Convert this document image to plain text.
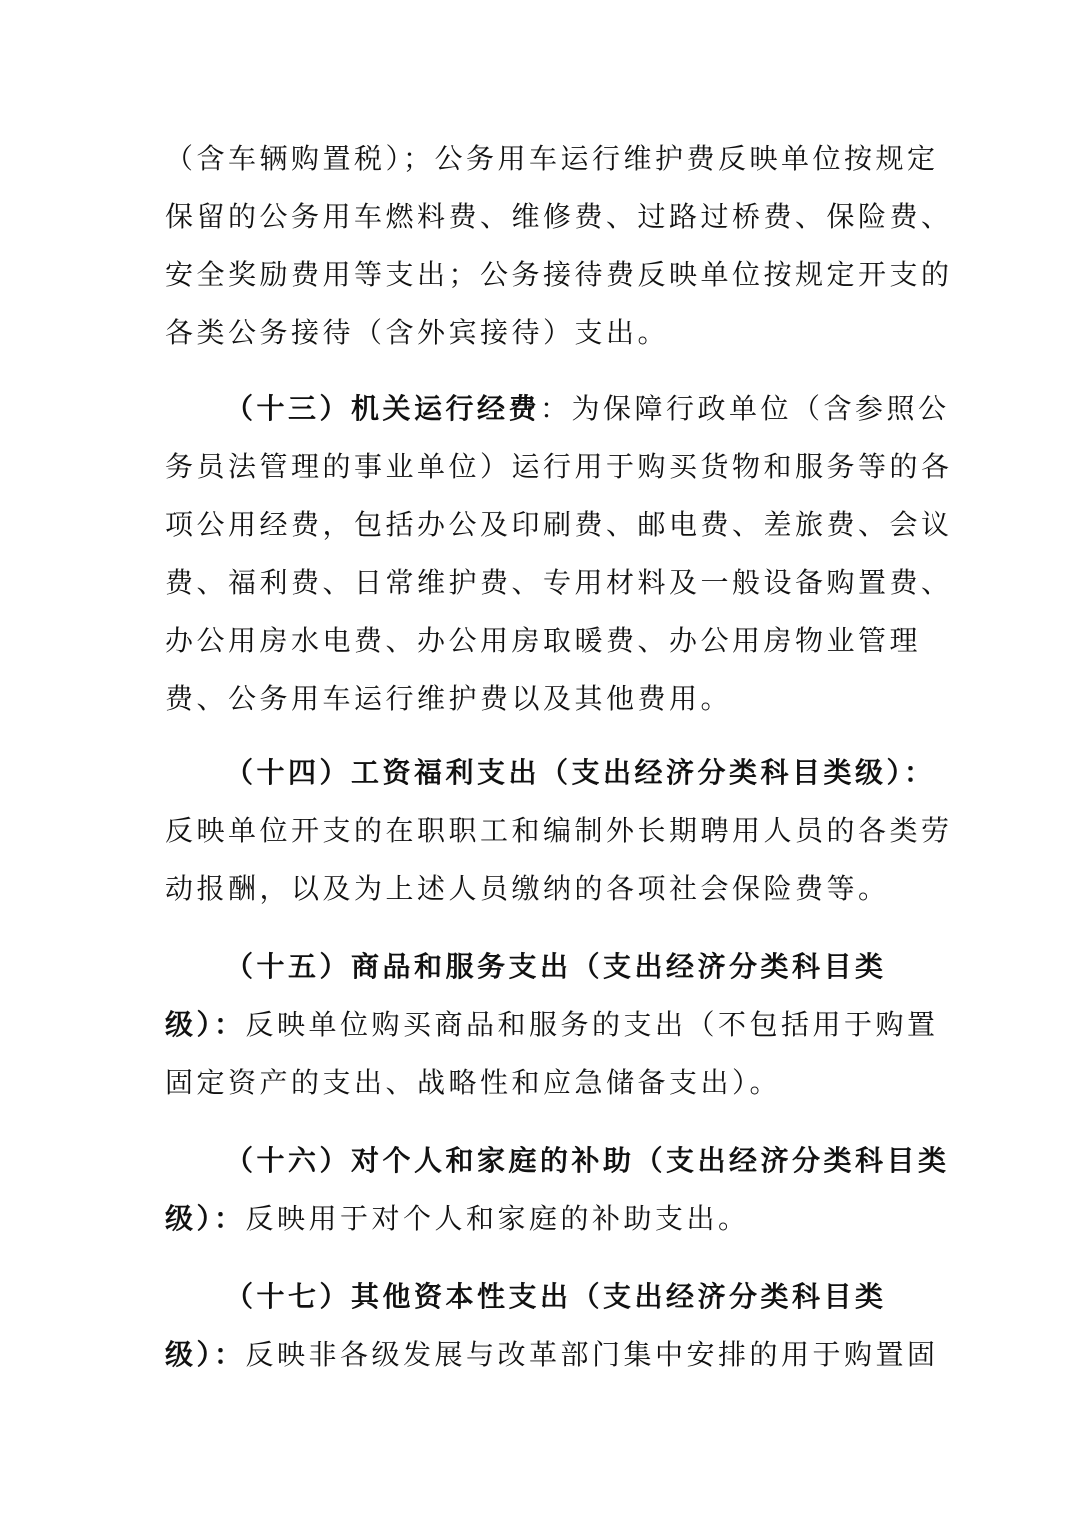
（含车辆购置税）；公务用车运行维护费反映单位按规定
保留的公务用车燃料费、维修费、过路过桥费、保险费、
安全奖励费用等支出；公务接待费反映单位按规定开支的
各类公务接待（含外宾接待）支出。
（十三）机关运行经费：为保障行政单位（含参照公
务员法管理的事业单位）运行用于购买货物和服务等的各
项公用经费，包括办公及印刷费、邮电费、差旅费、会议
费、福利费、日常维护费、专用材料及一般设备购置费、
办公用房水电费、办公用房取暖费、办公用房物业管理
费、公务用车运行维护费以及其他费用。
（十四）工资福利支出（支出经济分类科目类级）：
反映单位开支的在职职工和编制外长期聘用人员的各类劳
动报酬，以及为上述人员缴纳的各项社会保险费等。
（十五）商品和服务支出（支出经济分类科目类
级）：反映单位购买商品和服务的支出（不包括用于购置
固定资产的支出、战略性和应急储备支出）。
（十六）对个人和家庭的补助（支出经济分类科目类
级）：反映用于对个人和家庭的补助支出。
（十七）其他资本性支出（支出经济分类科目类
级）：反映非各级发展与改革部门集中安排的用于购置固
